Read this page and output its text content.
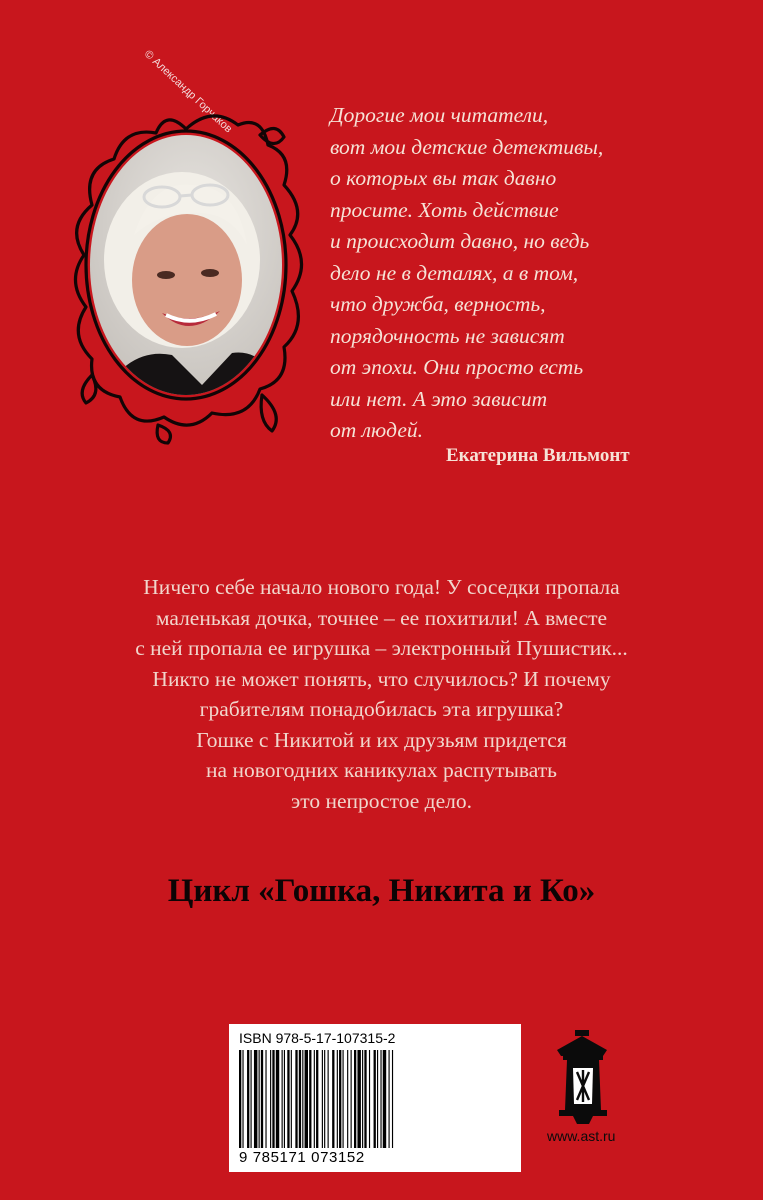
© Александр Горчаков	Дорогие мои читатели,
вот мои детские детективы,
о которых вы так давно
просите. Хоть действие
и происходит давно, но ведь
дело не в деталях, а в том,
что дружба, верность,
порядочность не зависят
от эпохи. Они просто есть
или нет. А это зависит
от людей.
Екатерина Вильмонт
Ничего себе начало нового года! У соседки пропала
маленькая дочка, точнее – ее похитили! А вместе
с ней пропала ее игрушка – электронный Пушистик...
Никто не может понять, что случилось? И почему
грабителям понадобилась эта игрушка?
Гошке с Никитой и их друзьям придется
на новогодних каникулах распутывать
это непростое дело.
Цикл «Гошка, Никита и Ко»
ISBN 978-5-17-107315-2
9 785171 073152
www.ast.ru
